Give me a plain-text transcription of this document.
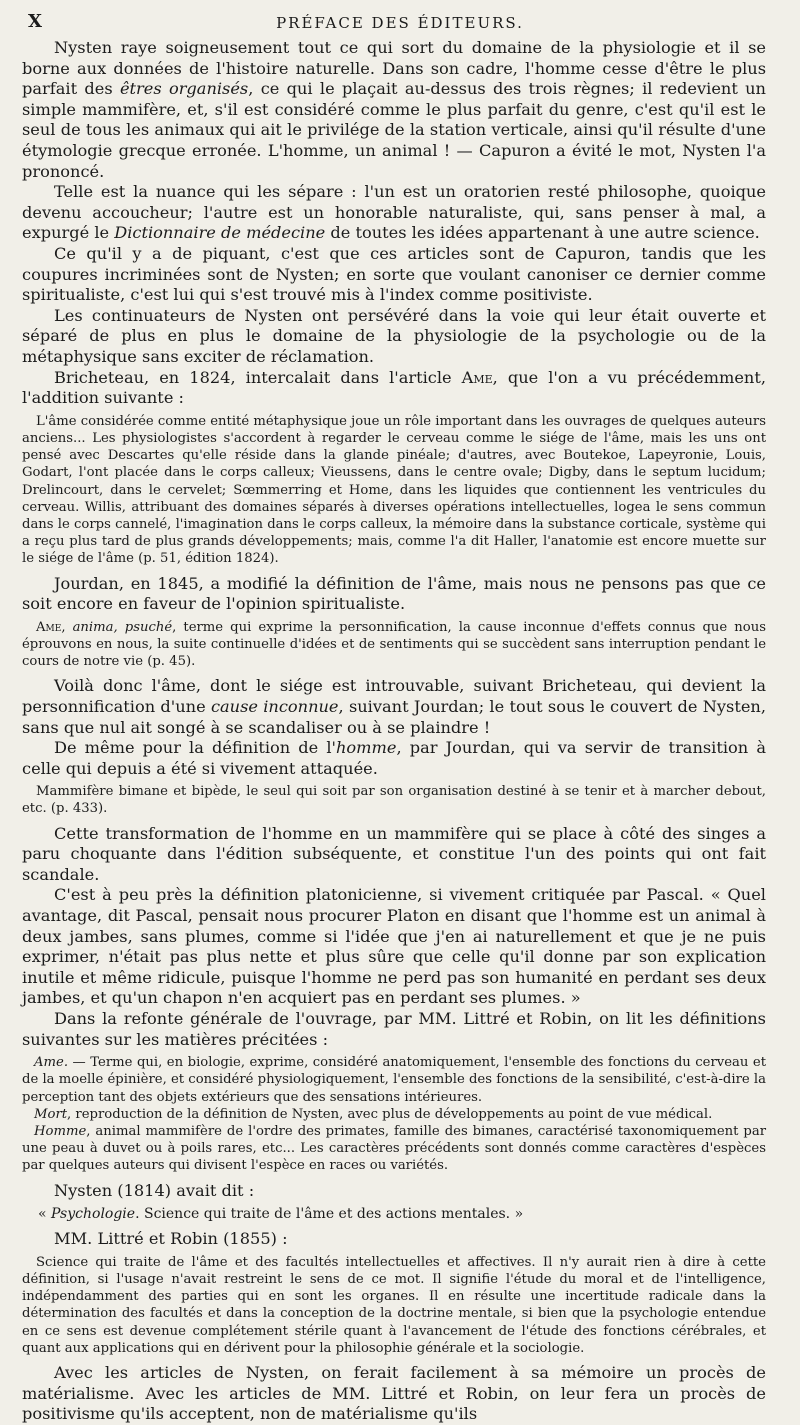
X	PRÉFACE DES ÉDITEURS.

Nysten raye soigneusement tout ce qui sort du domaine de la physiologie et il se borne aux données de l'histoire naturelle. Dans son cadre, l'homme cesse d'être le plus parfait des êtres organisés, ce qui le plaçait au-dessus des trois règnes; il redevient un simple mammifère, et, s'il est considéré comme le plus parfait du genre, c'est qu'il est le seul de tous les animaux qui ait le privilége de la station verticale, ainsi qu'il résulte d'une étymologie grecque erronée. L'homme, un animal ! — Capuron a évité le mot, Nysten l'a prononcé.

Telle est la nuance qui les sépare : l'un est un oratorien resté philosophe, quoique devenu accoucheur; l'autre est un honorable naturaliste, qui, sans penser à mal, a expurgé le Dictionnaire de médecine de toutes les idées appartenant à une autre science.

Ce qu'il y a de piquant, c'est que ces articles sont de Capuron, tandis que les coupures incriminées sont de Nysten; en sorte que voulant canoniser ce dernier comme spiritualiste, c'est lui qui s'est trouvé mis à l'index comme positiviste.

Les continuateurs de Nysten ont persévéré dans la voie qui leur était ouverte et séparé de plus en plus le domaine de la physiologie de la psychologie ou de la métaphysique sans exciter de réclamation.

Bricheteau, en 1824, intercalait dans l'article Ame, que l'on a vu précédemment, l'addition suivante :

L'âme considérée comme entité métaphysique joue un rôle important dans les ouvrages de quelques auteurs anciens... Les physiologistes s'accordent à regarder le cerveau comme le siége de l'âme, mais les uns ont pensé avec Descartes qu'elle réside dans la glande pinéale; d'autres, avec Boutekoe, Lapeyronie, Louis, Godart, l'ont placée dans le corps calleux; Vieussens, dans le centre ovale; Digby, dans le septum lucidum; Drelincourt, dans le cervelet; Sœmmerring et Home, dans les liquides que contiennent les ventricules du cerveau. Willis, attribuant des domaines séparés à diverses opérations intellectuelles, logea le sens commun dans le corps cannelé, l'imagination dans le corps calleux, la mémoire dans la substance corticale, système qui a reçu plus tard de plus grands développements; mais, comme l'a dit Haller, l'anatomie est encore muette sur le siége de l'âme (p. 51, édition 1824).

Jourdan, en 1845, a modifié la définition de l'âme, mais nous ne pensons pas que ce soit encore en faveur de l'opinion spiritualiste.

Ame, anima, psuché, terme qui exprime la personnification, la cause inconnue d'effets connus que nous éprouvons en nous, la suite continuelle d'idées et de sentiments qui se succèdent sans interruption pendant le cours de notre vie (p. 45).

Voilà donc l'âme, dont le siége est introuvable, suivant Bricheteau, qui devient la personnification d'une cause inconnue, suivant Jourdan; le tout sous le couvert de Nysten, sans que nul ait songé à se scandaliser ou à se plaindre !

De même pour la définition de l'homme, par Jourdan, qui va servir de transition à celle qui depuis a été si vivement attaquée.

Mammifère bimane et bipède, le seul qui soit par son organisation destiné à se tenir et à marcher debout, etc. (p. 433).

Cette transformation de l'homme en un mammifère qui se place à côté des singes a paru choquante dans l'édition subséquente, et constitue l'un des points qui ont fait scandale.

C'est à peu près la définition platonicienne, si vivement critiquée par Pascal. « Quel avantage, dit Pascal, pensait nous procurer Platon en disant que l'homme est un animal à deux jambes, sans plumes, comme si l'idée que j'en ai naturellement et que je ne puis exprimer, n'était pas plus nette et plus sûre que celle qu'il donne par son explication inutile et même ridicule, puisque l'homme ne perd pas son humanité en perdant ses deux jambes, et qu'un chapon n'en acquiert pas en perdant ses plumes. »

Dans la refonte générale de l'ouvrage, par MM. Littré et Robin, on lit les définitions suivantes sur les matières précitées :

Ame. — Terme qui, en biologie, exprime, considéré anatomiquement, l'ensemble des fonctions du cerveau et de la moelle épinière, et considéré physiologiquement, l'ensemble des fonctions de la sensibilité, c'est-à-dire la perception tant des objets extérieurs que des sensations intérieures.

Mort, reproduction de la définition de Nysten, avec plus de développements au point de vue médical.

Homme, animal mammifère de l'ordre des primates, famille des bimanes, caractérisé taxonomiquement par une peau à duvet ou à poils rares, etc... Les caractères précédents sont donnés comme caractères d'espèces par quelques auteurs qui divisent l'espèce en races ou variétés.

Nysten (1814) avait dit :

« Psychologie. Science qui traite de l'âme et des actions mentales. »

MM. Littré et Robin (1855) :

Science qui traite de l'âme et des facultés intellectuelles et affectives. Il n'y aurait rien à dire à cette définition, si l'usage n'avait restreint le sens de ce mot. Il signifie l'étude du moral et de l'intelligence, indépendamment des parties qui en sont les organes. Il en résulte une incertitude radicale dans la détermination des facultés et dans la conception de la doctrine mentale, si bien que la psychologie entendue en ce sens est devenue complétement stérile quant à l'avancement de l'étude des fonctions cérébrales, et quant aux applications qui en dérivent pour la philosophie générale et la sociologie.

Avec les articles de Nysten, on ferait facilement à sa mémoire un procès de matérialisme. Avec les articles de MM. Littré et Robin, on leur fera un procès de positivisme qu'ils acceptent, non de matérialisme qu'ils
